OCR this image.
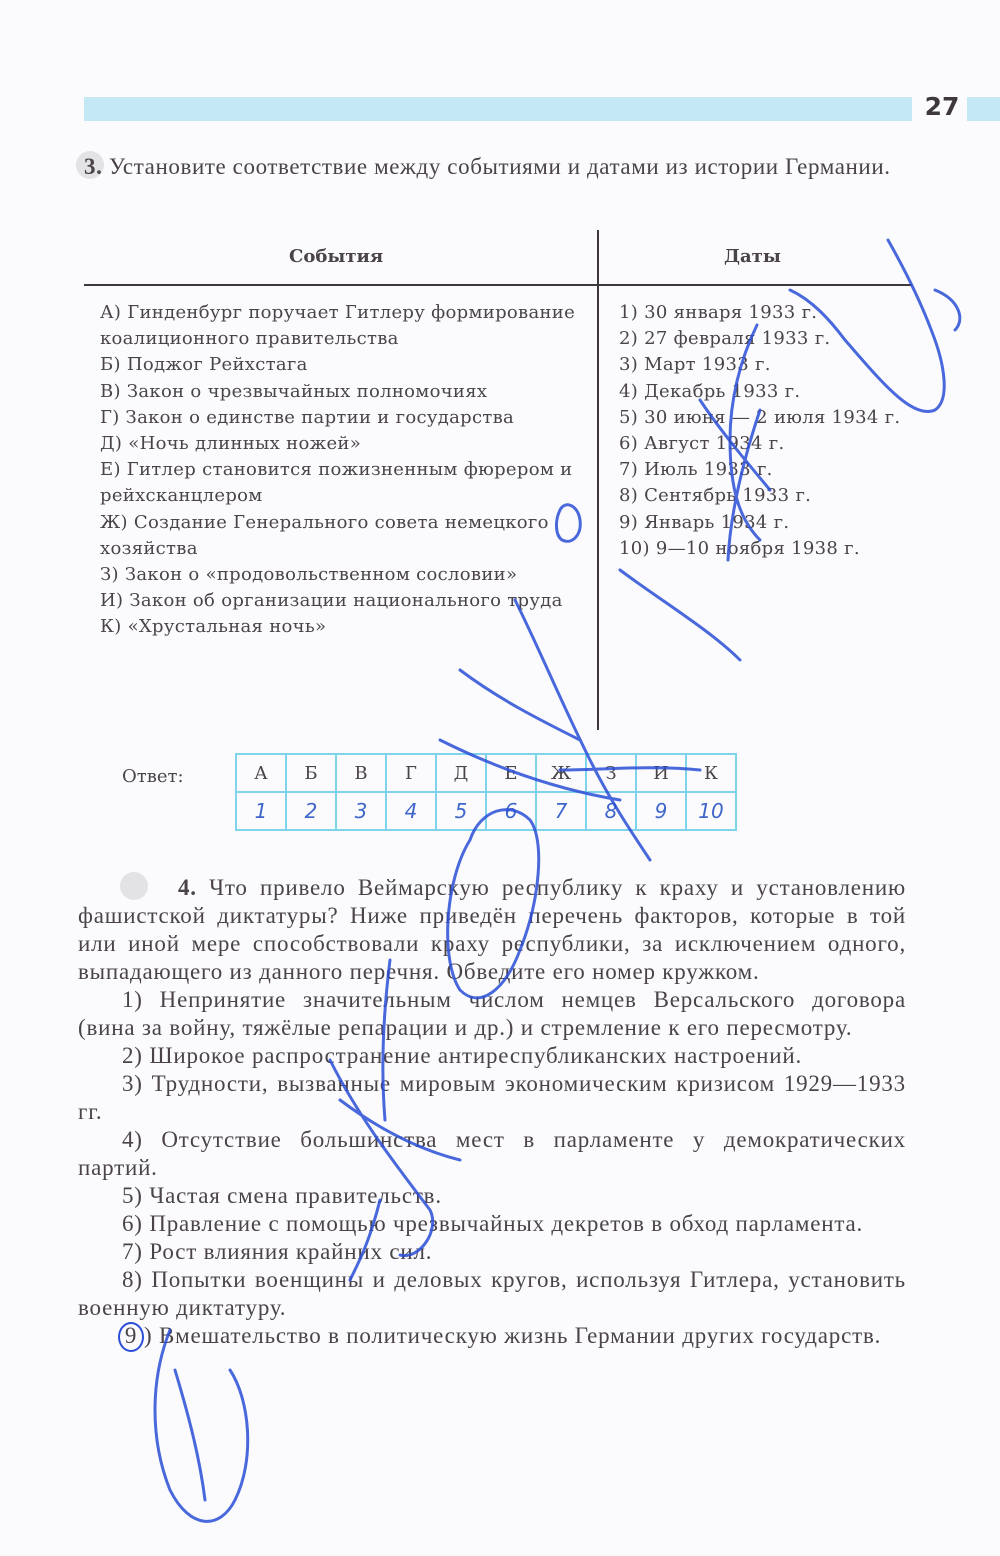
27
3. Установите соответствие между событиями и датами из истории Германии.
События	Даты

А) Гинденбург поручает Гитлеру формирование коалиционного правительства

Б) Поджог Рейхстага

В) Закон о чрезвычайных полномочиях

Г) Закон о единстве партии и государства

Д) «Ночь длинных ножей»

Е) Гитлер становится пожизненным фюрером и рейхсканцлером

Ж) Создание Генерального совета немецкого хозяйства

З) Закон о «продовольственном сословии»

И) Закон об организации национального труда

К) «Хрустальная ночь»

1) 30 января 1933 г.

2) 27 февраля 1933 г.

3) Март 1933 г.

4) Декабрь 1933 г.

5) 30 июня — 2 июля 1934 г.

6) Август 1934 г.

7) Июль 1933 г.

8) Сентябрь 1933 г.

9) Январь 1934 г.

10) 9—10 ноября 1938 г.

Ответ:	А	Б	В	Г	Д	Е	Ж	З	И	К
1	2	3	4	5	6	7	8	9	10

4. Что привело Веймарскую республику к краху и установлению фашистской диктатуры? Ниже приведён перечень факторов, которые в той или иной мере способствовали краху республики, за исключением одного, выпадающего из данного перечня. Обведите его номер кружком.

1) Непринятие значительным числом немцев Версальского договора (вина за войну, тяжёлые репарации и др.) и стремление к его пересмотру.

2) Широкое распространение антиреспубликанских настроений.

3) Трудности, вызванные мировым экономическим кризисом 1929—1933 гг.

4) Отсутствие большинства мест в парламенте у демократических партий.

5) Частая смена правительств.

6) Правление с помощью чрезвычайных декретов в обход парламента.

7) Рост влияния крайних сил.

8) Попытки военщины и деловых кругов, используя Гитлера, установить военную диктатуру.

9 ) Вмешательство в политическую жизнь Германии других государств.
